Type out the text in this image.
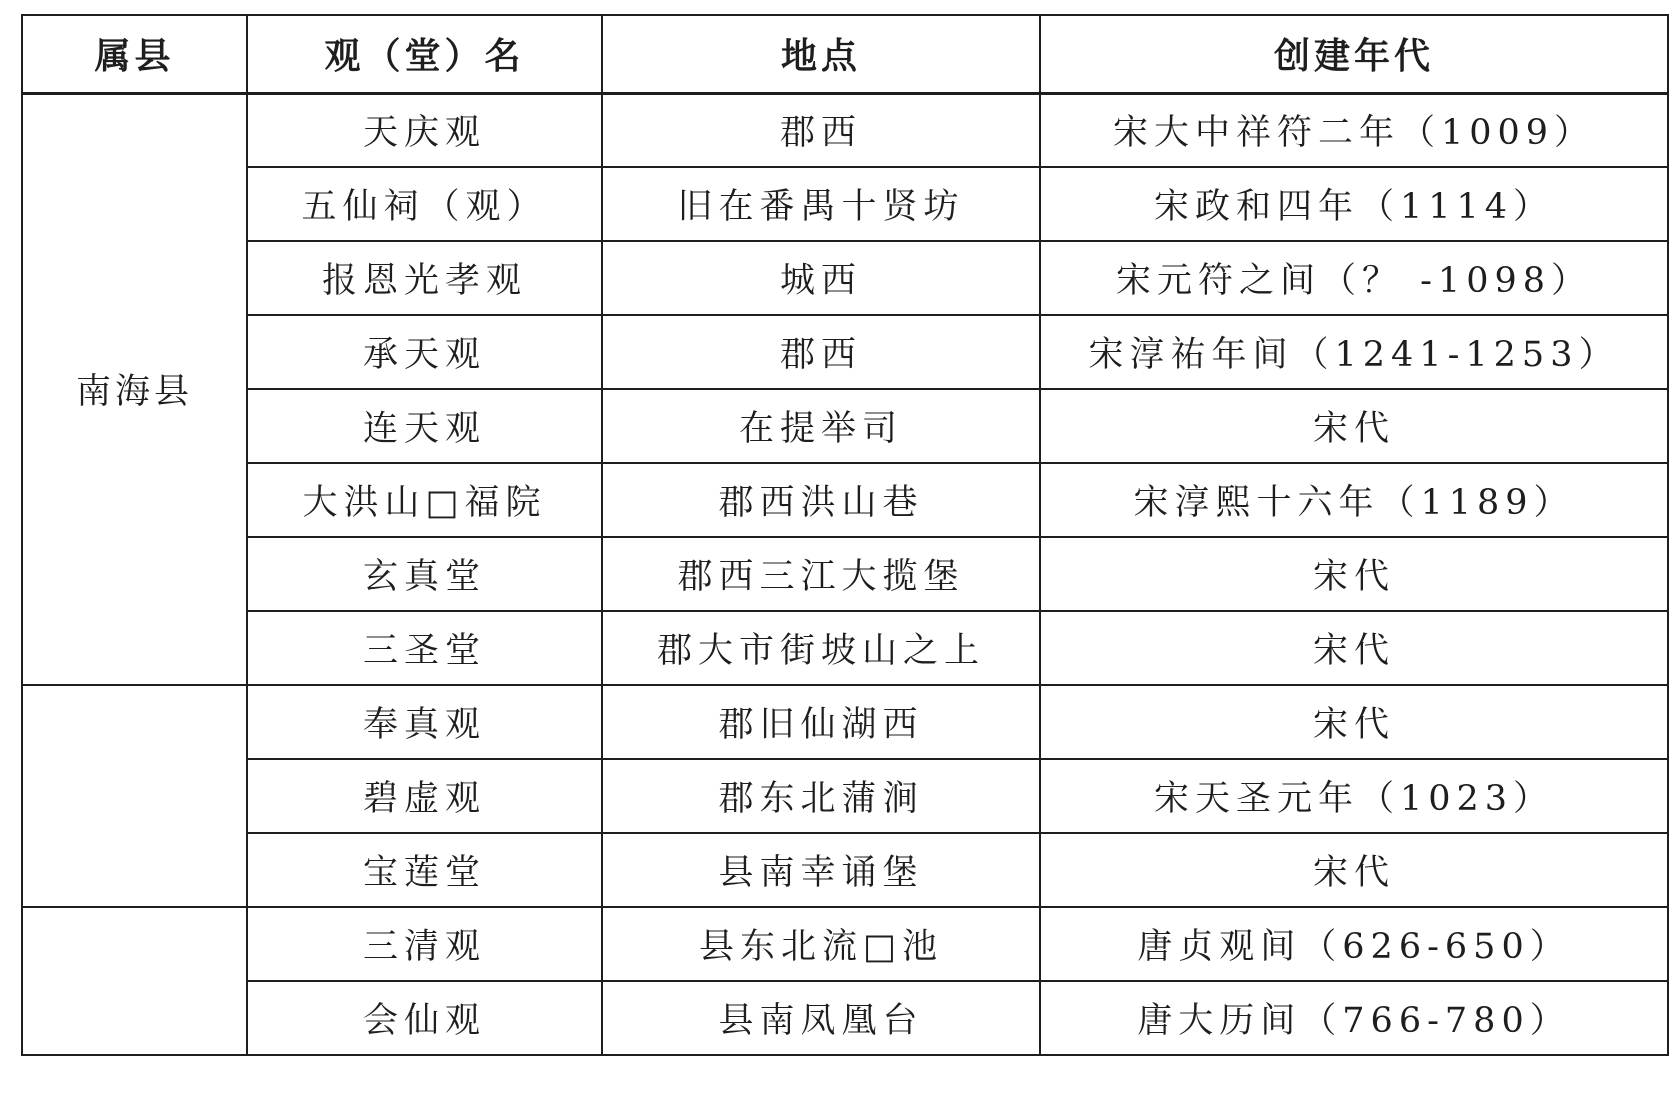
属县	观（堂）名	地点	创建年代
南海县	天庆观	郡西	宋大中祥符二年（1009）
	五仙祠（观）	旧在番禺十贤坊	宋政和四年（1114）
	报恩光孝观	城西	宋元符之间（？ -1098）
	承天观	郡西	宋淳祐年间（1241-1253）
	连天观	在提举司	宋代
	大洪山□福院	郡西洪山巷	宋淳熙十六年（1189）
	玄真堂	郡西三江大揽堡	宋代
	三圣堂	郡大市街坡山之上	宋代
	奉真观	郡旧仙湖西	宋代
	碧虚观	郡东北蒲涧	宋天圣元年（1023）
	宝莲堂	县南幸诵堡	宋代
	三清观	县东北流□池	唐贞观间（626-650）
	会仙观	县南凤凰台	唐大历间（766-780）
